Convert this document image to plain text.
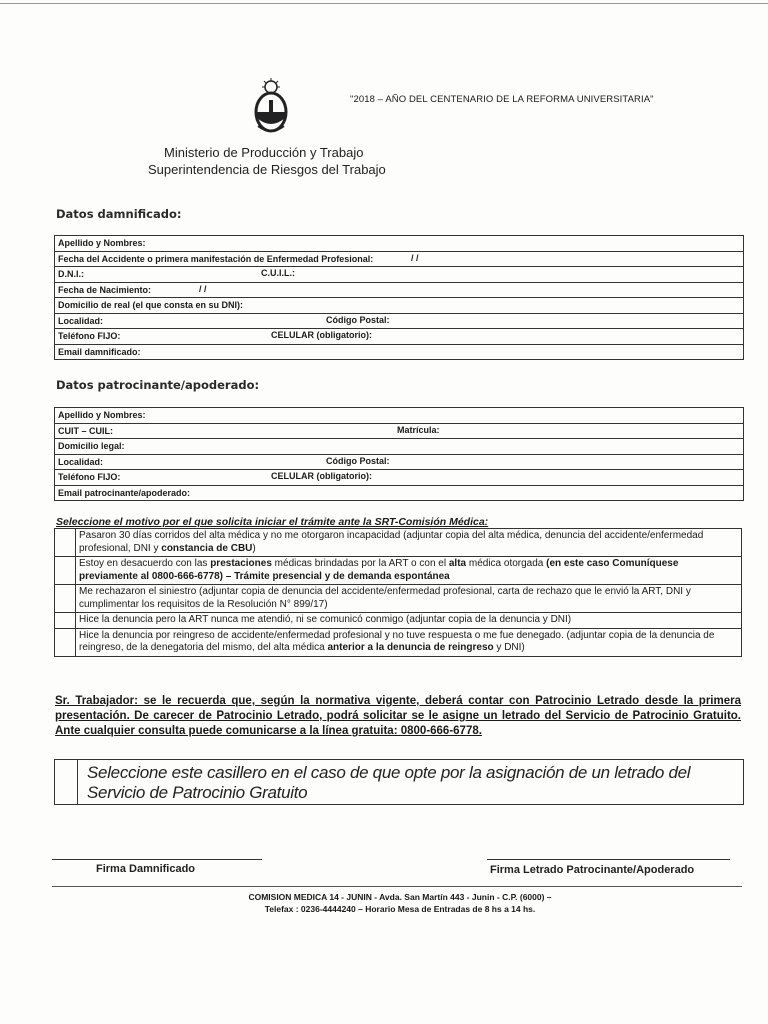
"2018 – AÑO DEL CENTENARIO DE LA REFORMA UNIVERSITARIA"
Ministerio de Producción y Trabajo
Superintendencia de Riesgos del Trabajo
Datos damnificado:
Apellido y Nombres:
Fecha del Accidente o primera manifestación de Enfermedad Profesional:	/ /

D.N.I.:	C.U.I.L.:

Fecha de Nacimiento:	/ /

Domicilio de real (el que consta en su DNI):
Localidad:	Código Postal:

Teléfono FIJO:	CELULAR (obligatorio):

Email damnificado:
Datos patrocinante/apoderado:
Apellido y Nombres:
CUIT – CUIL:	Matrícula:

Domicilio legal:
Localidad:	Código Postal:

Teléfono FIJO:	CELULAR (obligatorio):

Email patrocinante/apoderado:
Seleccione el motivo por el que solicita iniciar el trámite ante la SRT-Comisión Médica:
	Pasaron 30 días corridos del alta médica y no me otorgaron incapacidad (adjuntar copia del alta médica, denuncia del accidente/enfermedad profesional, DNI y constancia de CBU)
	Estoy en desacuerdo con las prestaciones médicas brindadas por la ART o con el alta médica otorgada (en este caso Comuníquese previamente al 0800-666-6778) – Trámite presencial y de demanda espontánea
	Me rechazaron el siniestro (adjuntar copia de denuncia del accidente/enfermedad profesional, carta de rechazo que le envió la ART, DNI y cumplimentar los requisitos de la Resolución N° 899/17)
	Hice la denuncia pero la ART nunca me atendió, ni se comunicó conmigo (adjuntar copia de la denuncia y DNI)
	Hice la denuncia por reingreso de accidente/enfermedad profesional y no tuve respuesta o me fue denegado. (adjuntar copia de la denuncia de reingreso, de la denegatoria del mismo, del alta médica anterior a la denuncia de reingreso y DNI)
Sr. Trabajador: se le recuerda que, según la normativa vigente, deberá contar con Patrocinio Letrado desde la primera presentación. De carecer de Patrocinio Letrado, podrá solicitar se le asigne un letrado del Servicio de Patrocinio Gratuito. Ante cualquier consulta puede comunicarse a la línea gratuita: 0800-666-6778.
Seleccione este casillero en el caso de que opte por la asignación de un letrado del Servicio de Patrocinio Gratuito
Firma Damnificado	Firma Letrado Patrocinante/Apoderado
COMISION MEDICA 14 - JUNIN - Avda. San Martín 443 - Junin - C.P. (6000) –
Telefax : 0236-4444240 – Horario Mesa de Entradas de 8 hs a 14 hs.
